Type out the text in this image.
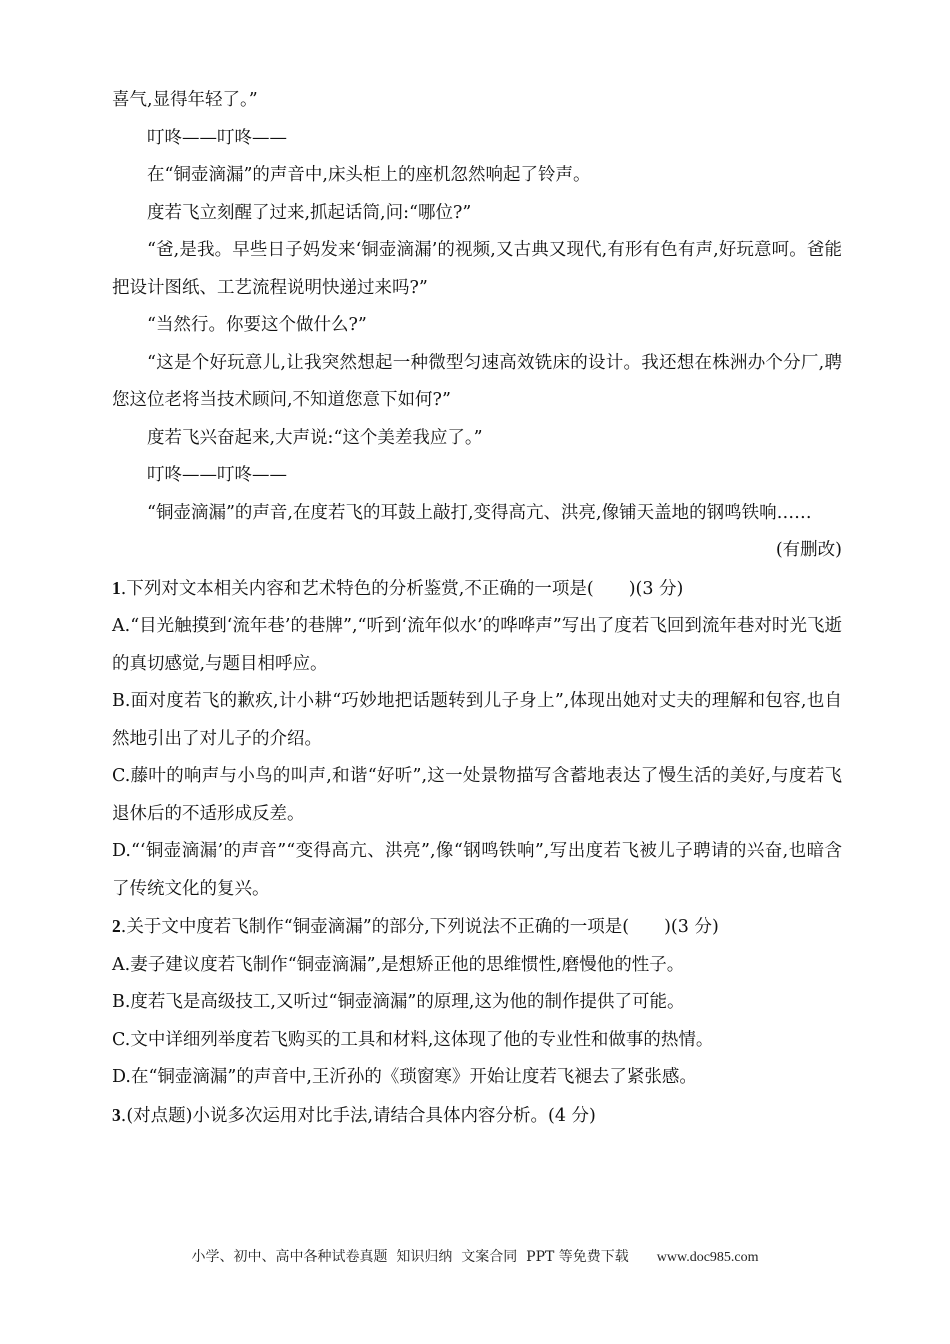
喜气,显得年轻了。”

叮咚——叮咚——

在“铜壶滴漏”的声音中,床头柜上的座机忽然响起了铃声。

度若飞立刻醒了过来,抓起话筒,问:“哪位?”

“爸,是我。早些日子妈发来‘铜壶滴漏’的视频,又古典又现代,有形有色有声,好玩意呵。爸能把设计图纸、工艺流程说明快递过来吗?”

“当然行。你要这个做什么?”

“这是个好玩意儿,让我突然想起一种微型匀速高效铣床的设计。我还想在株洲办个分厂,聘您这位老将当技术顾问,不知道您意下如何?”

度若飞兴奋起来,大声说:“这个美差我应了。”

叮咚——叮咚——

“铜壶滴漏”的声音,在度若飞的耳鼓上敲打,变得高亢、洪亮,像铺天盖地的钢鸣铁响……

(有删改)

1.下列对文本相关内容和艺术特色的分析鉴赏,不正确的一项是(　　)(3 分)

A.“目光触摸到‘流年巷’的巷牌”,“听到‘流年似水’的哗哗声”写出了度若飞回到流年巷对时光飞逝的真切感觉,与题目相呼应。

B.面对度若飞的歉疚,计小耕“巧妙地把话题转到儿子身上”,体现出她对丈夫的理解和包容,也自然地引出了对儿子的介绍。

C.藤叶的响声与小鸟的叫声,和谐“好听”,这一处景物描写含蓄地表达了慢生活的美好,与度若飞退休后的不适形成反差。

D.“‘铜壶滴漏’的声音”“变得高亢、洪亮”,像“钢鸣铁响”,写出度若飞被儿子聘请的兴奋,也暗含了传统文化的复兴。

2.关于文中度若飞制作“铜壶滴漏”的部分,下列说法不正确的一项是(　　)(3 分)

A.妻子建议度若飞制作“铜壶滴漏”,是想矫正他的思维惯性,磨慢他的性子。

B.度若飞是高级技工,又听过“铜壶滴漏”的原理,这为他的制作提供了可能。

C.文中详细列举度若飞购买的工具和材料,这体现了他的专业性和做事的热情。

D.在“铜壶滴漏”的声音中,王沂孙的《琐窗寒》开始让度若飞褪去了紧张感。

3.(对点题)小说多次运用对比手法,请结合具体内容分析。(4 分)

小学、初中、高中各种试卷真题  知识归纳  文案合同  PPT 等免费下载 www.doc985.com
